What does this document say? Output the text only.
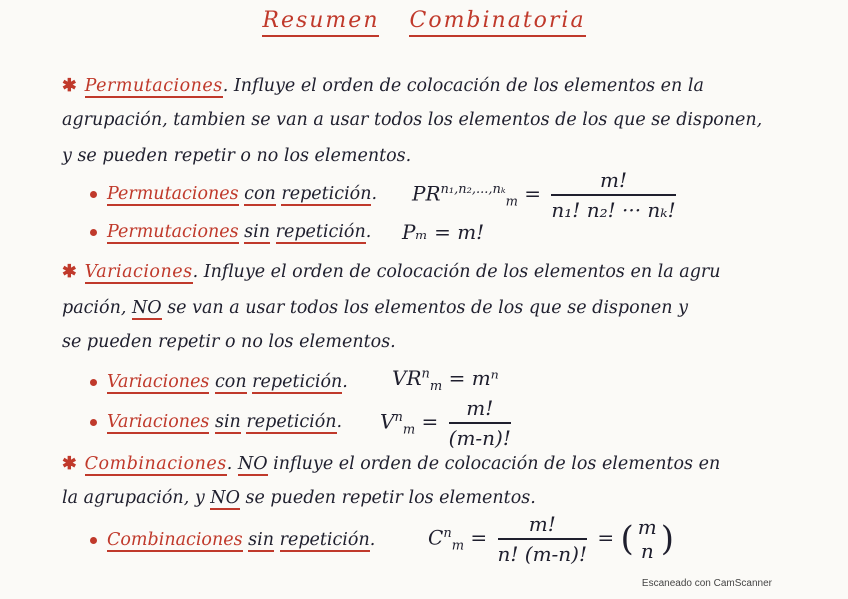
Resumen Combinatoria
✱ Permutaciones. Influye el orden de colocación de los elementos en la
agrupación, tambien se van a usar todos los elementos de los que se disponen,
y se pueden repetir o no los elementos.
Permutaciones con repetición. $PR^{n_1,n_2,...,n_k}_m = \frac{m!}{\text{n₁! n₂! ··· nₖ!}}$
Permutaciones sin repetición. Pₘ = m!
✱ Variaciones. Influye el orden de colocación de los elementos en la agru
pación, NO se van a usar todos los elementos de los que se disponen y
se pueden repetir o no los elementos.
Variaciones con repetición. $VR^n_m = m^n$
Variaciones sin repetición. $V^n_m = \frac{m!}{(m-n)!}$
✱ Combinaciones. NO influye el orden de colocación de los elementos en
la agrupación, y NO se pueden repetir los elementos.
Combinaciones sin repetición.	$C^n_m = \frac{m!}{n! (m-n)!}$ = ( m
n )
Escaneado con CamScanner
